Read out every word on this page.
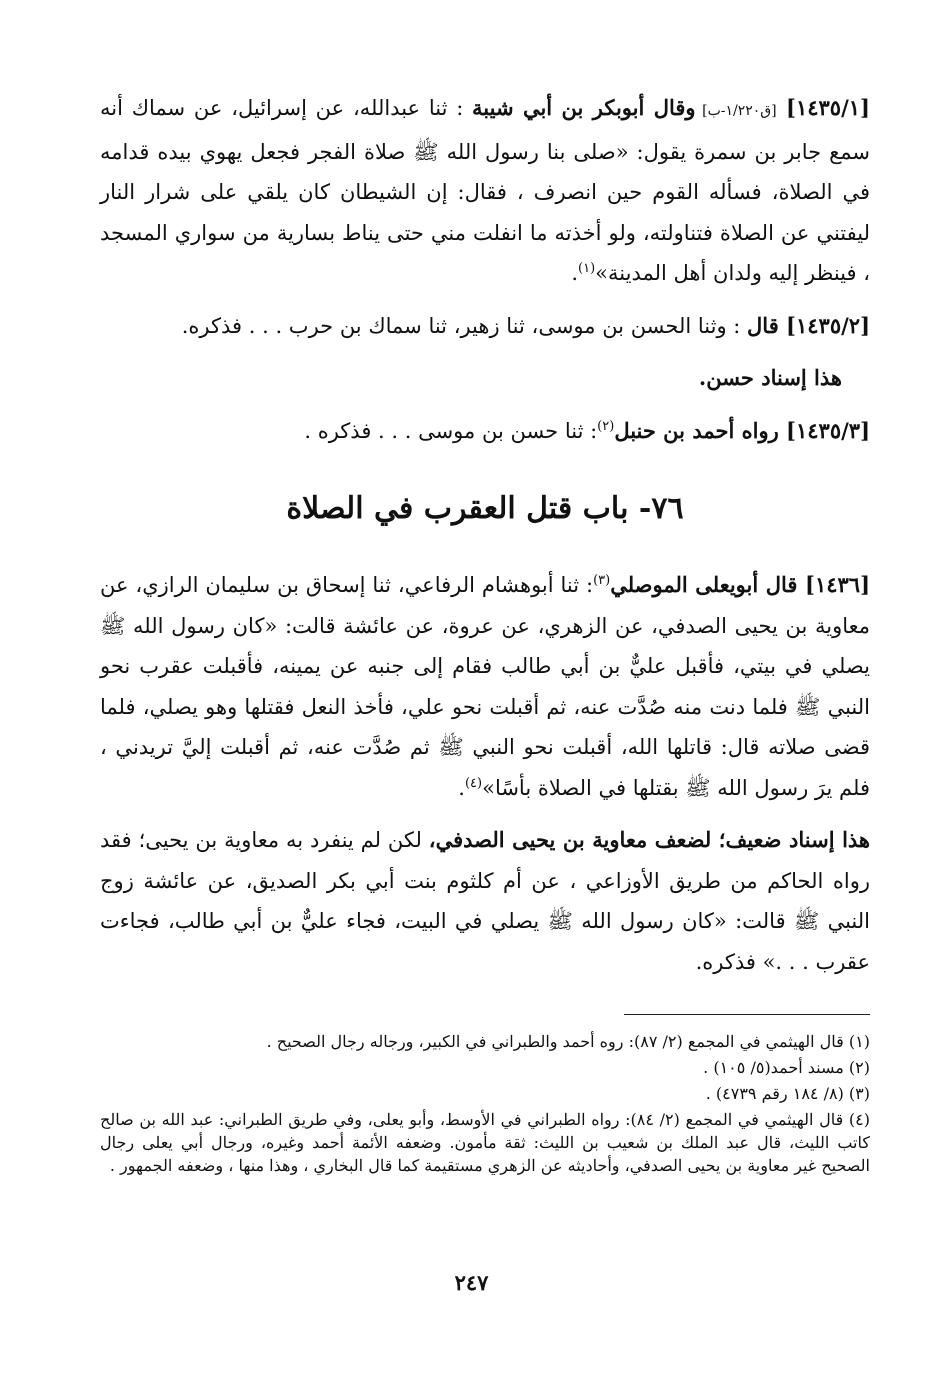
[١٤٣٥/١] [ق١/٢٢٠-ب] وقال أبوبكر بن أبي شيبة : ثنا عبدالله، عن إسرائيل، عن سماك أنه سمع جابر بن سمرة يقول: «صلى بنا رسول الله ﷺ صلاة الفجر فجعل يهوي بيده قدامه في الصلاة، فسأله القوم حين انصرف ، فقال: إن الشيطان كان يلقي على شرار النار ليفتني عن الصلاة فتناولته، ولو أخذته ما انفلت مني حتى يناط بسارية من سواري المسجد ، فينظر إليه ولدان أهل المدينة»$^{(١)}$.
[١٤٣٥/٢] قال : وثنا الحسن بن موسى، ثنا زهير، ثنا سماك بن حرب . . . فذكره.
هذا إسناد حسن.
[١٤٣٥/٣] رواه أحمد بن حنبل$^{(٢)}$: ثنا حسن بن موسى . . . فذكره .
٧٦- باب قتل العقرب في الصلاة
[١٤٣٦] قال أبويعلى الموصلي$^{(٣)}$: ثنا أبوهشام الرفاعي، ثنا إسحاق بن سليمان الرازي، عن معاوية بن يحيى الصدفي، عن الزهري، عن عروة، عن عائشة قالت: «كان رسول الله ﷺ يصلي في بيتي، فأقبل عليٌّ بن أبي طالب فقام إلى جنبه عن يمينه، فأقبلت عقرب نحو النبي ﷺ فلما دنت منه صُدَّت عنه، ثم أقبلت نحو علي، فأخذ النعل فقتلها وهو يصلي، فلما قضى صلاته قال: قاتلها الله، أقبلت نحو النبي ﷺ ثم صُدَّت عنه، ثم أقبلت إليَّ تريدني ، فلم يرَ رسول الله ﷺ بقتلها في الصلاة بأسًا»$^{(٤)}$.
هذا إسناد ضعيف؛ لضعف معاوية بن يحيى الصدفي، لكن لم ينفرد به معاوية بن يحيى؛ فقد رواه الحاكم من طريق الأوزاعي ، عن أم كلثوم بنت أبي بكر الصديق، عن عائشة زوج النبي ﷺ قالت: «كان رسول الله ﷺ يصلي في البيت، فجاء عليٌّ بن أبي طالب، فجاءت عقرب . . .» فذكره.
(١) قال الهيثمي في المجمع (٢/ ٨٧): روه أحمد والطبراني في الكبير، ورجاله رجال الصحيح .
(٢) مسند أحمد(٥/ ١٠٥) .
(٣) (٨/ ١٨٤ رقم ٤٧٣٩) .
(٤) قال الهيثمي في المجمع (٢/ ٨٤): رواه الطبراني في الأوسط، وأبو يعلى، وفي طريق الطبراني: عبد الله بن صالح كاتب الليث، قال عبد الملك بن شعيب بن الليث: ثقة مأمون. وضعفه الأئمة أحمد وغيره، ورجال أبي يعلى رجال الصحيح غير معاوية بن يحيى الصدفي، وأحاديثه عن الزهري مستقيمة كما قال البخاري ، وهذا منها ، وضعفه الجمهور .
٢٤٧
